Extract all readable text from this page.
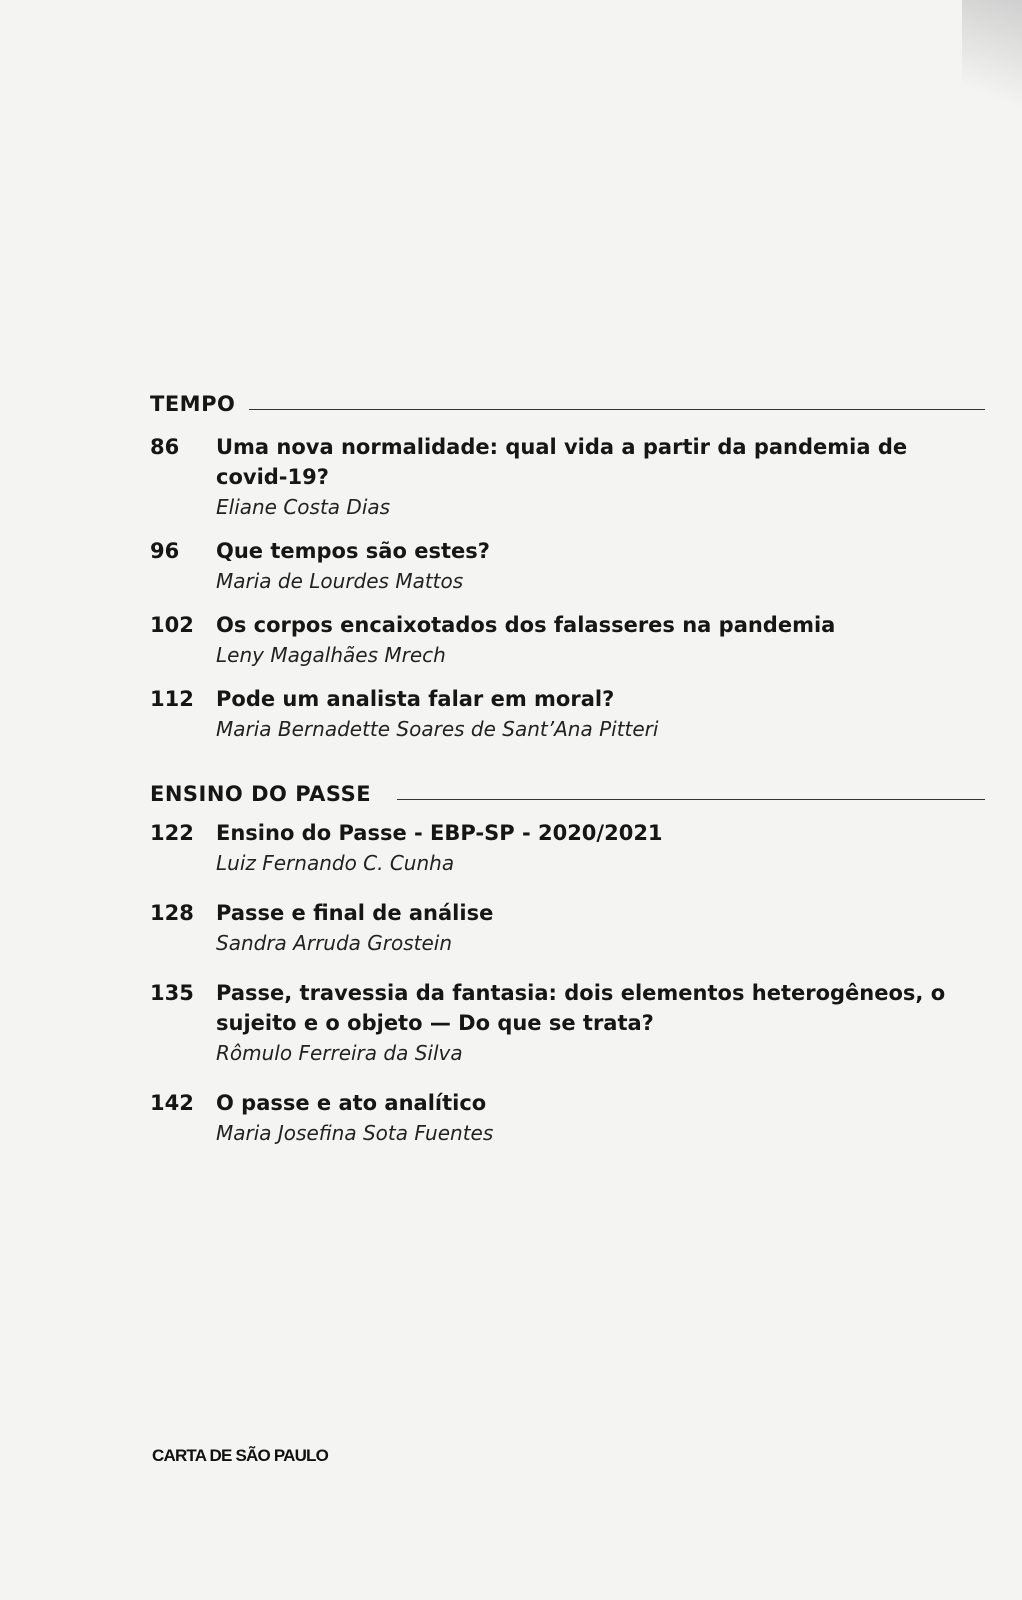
TEMPO
86	Uma nova normalidade: qual vida a partir da pandemia de covid-19?
Eliane Costa Dias
96	Que tempos são estes?
Maria de Lourdes Mattos
102	Os corpos encaixotados dos falasseres na pandemia
Leny Magalhães Mrech
112	Pode um analista falar em moral?
Maria Bernadette Soares de Sant’Ana Pitteri
ENSINO DO PASSE
122	Ensino do Passe - EBP-SP - 2020/2021
Luiz Fernando C. Cunha
128	Passe e final de análise
Sandra Arruda Grostein
135	Passe, travessia da fantasia: dois elementos heterogêneos, o sujeito e o objeto — Do que se trata?
Rômulo Ferreira da Silva
142	O passe e ato analítico
Maria Josefina Sota Fuentes
CARTA DE SÃO PAULO
